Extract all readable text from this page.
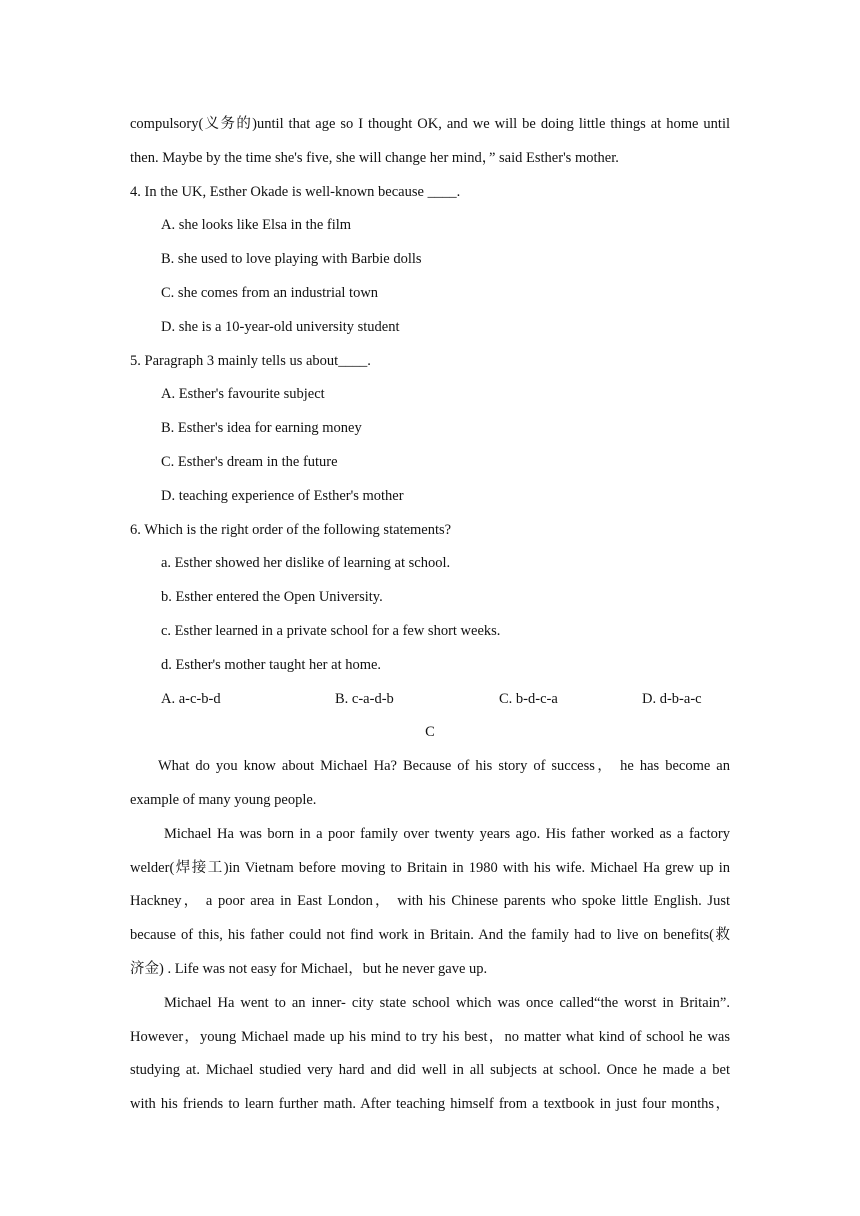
compulsory(义务的)until that age so I thought OK, and we will be doing little things at home until
then. Maybe by the time she's five, she will change her mind，” said Esther's mother.
4. In the UK, Esther Okade is well-known because ____.
A. she looks like Elsa in the film
B. she used to love playing with Barbie dolls
C. she comes from an industrial town
D. she is a 10-year-old university student
5. Paragraph 3 mainly tells us about____.
A. Esther's favourite subject
B. Esther's idea for earning money
C. Esther's dream in the future
D. teaching experience of Esther's mother
6. Which is the right order of the following statements?
a. Esther showed her dislike of learning at school.
b. Esther entered the Open University.
c. Esther learned in a private school for a few short weeks.
d. Esther's mother taught her at home.
A. a-c-b-d	B. c-a-d-b	C. b-d-c-a	D. d-b-a-c
C
What do you know about Michael Ha? Because of his story of success， he has become an
example of many young people.
Michael Ha was born in a poor family over twenty years ago. His father worked as a factory
welder(焊接工)in Vietnam before moving to Britain in 1980 with his wife. Michael Ha grew up in
Hackney， a poor area in East London， with his Chinese parents who spoke little English. Just
because of this, his father could not find work in Britain. And the family had to live on benefits(救
济金) . Life was not easy for Michael，but he never gave up.
Michael Ha went to an inner- city state school which was once called“the worst in Britain”.
However，young Michael made up his mind to try his best，no matter what kind of school he was
studying at. Michael studied very hard and did well in all subjects at school. Once he made a bet
with his friends to learn further math. After teaching himself from a textbook in just four months，
